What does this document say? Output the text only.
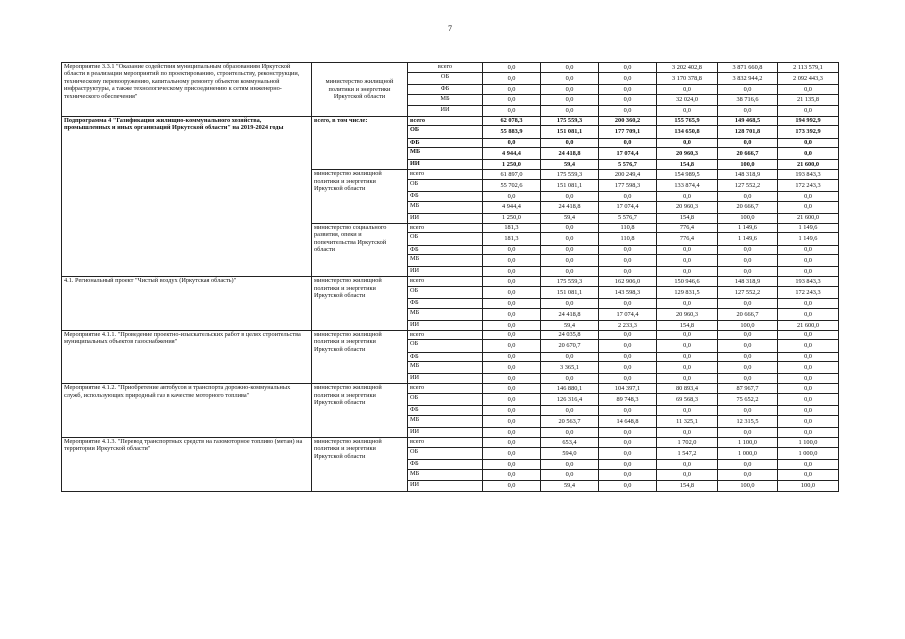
7
Мероприятие 3.3.1 "Оказание содействия муниципальным образованиям Иркутской области в реализации мероприятий по проектированию, строительству, реконструкции, техническому перевооружению, капитальному ремонту объектов коммунальной инфраструктуры, а также технологическому присоединению к сетям инженерно-технического обеспечения"	министерство жилищной политики и энергетики Иркутской области	всего	0,0	0,0	0,0	3 202 402,8	3 871 660,8	2 113 579,1
		ОБ	0,0	0,0	0,0	3 170 378,8	3 832 944,2	2 092 443,3
		ФБ	0,0	0,0	0,0	0,0	0,0	0,0
		МБ	0,0	0,0	0,0	32 024,0	38 716,6	21 135,8
		ИИ	0,0	0,0	0,0	0,0	0,0	0,0
Подпрограмма 4 "Газификация жилищно-коммунального хозяйства, промышленных и иных организаций Иркутской области" на 2019-2024 годы	всего, в том числе:	всего	62 078,3	175 559,3	200 360,2	155 765,9	149 468,5	194 992,9
		ОБ	55 883,9	151 081,1	177 709,1	134 650,8	128 701,8	173 392,9
		ФБ	0,0	0,0	0,0	0,0	0,0	0,0
		МБ	4 944,4	24 418,8	17 074,4	20 960,3	20 666,7	0,0
		ИИ	1 250,0	59,4	5 576,7	154,8	100,0	21 600,0
	министерство жилищной политики и энергетики Иркутской области	всего	61 897,0	175 559,3	200 249,4	154 989,5	148 318,9	193 843,3
		ОБ	55 702,6	151 081,1	177 598,3	133 874,4	127 552,2	172 243,3
		ФБ	0,0	0,0	0,0	0,0	0,0	0,0
		МБ	4 944,4	24 418,8	17 074,4	20 960,3	20 666,7	0,0
		ИИ	1 250,0	59,4	5 576,7	154,8	100,0	21 600,0
	министерство социального развития, опеки и попечительства Иркутской области	всего	181,3	0,0	110,8	776,4	1 149,6	1 149,6
		ОБ	181,3	0,0	110,8	776,4	1 149,6	1 149,6
		ФБ	0,0	0,0	0,0	0,0	0,0	0,0
		МБ	0,0	0,0	0,0	0,0	0,0	0,0
		ИИ	0,0	0,0	0,0	0,0	0,0	0,0
4.1. Региональный проект "Чистый воздух (Иркутская область)"	министерство жилищной политики и энергетики Иркутской области	всего	0,0	175 559,3	162 906,0	150 946,6	148 318,9	193 843,3
		ОБ	0,0	151 081,1	143 598,3	129 831,5	127 552,2	172 243,3
		ФБ	0,0	0,0	0,0	0,0	0,0	0,0
		МБ	0,0	24 418,8	17 074,4	20 960,3	20 666,7	0,0
		ИИ	0,0	59,4	2 233,3	154,8	100,0	21 600,0
Мероприятие 4.1.1. "Проведение проектно-изыскательских работ в целях строительства муниципальных объектов газоснабжения"	министерство жилищной политики и энергетики Иркутской области	всего	0,0	24 035,8	0,0	0,0	0,0	0,0
		ОБ	0,0	20 670,7	0,0	0,0	0,0	0,0
		ФБ	0,0	0,0	0,0	0,0	0,0	0,0
		МБ	0,0	3 365,1	0,0	0,0	0,0	0,0
		ИИ	0,0	0,0	0,0	0,0	0,0	0,0
Мероприятие 4.1.2. "Приобретение автобусов и транспорта дорожно-коммунальных служб, использующих природный газ в качестве моторного топлива"	министерство жилищной политики и энергетики Иркутской области	всего	0,0	146 880,1	104 397,1	80 893,4	87 967,7	0,0
		ОБ	0,0	126 316,4	89 748,3	69 568,3	75 652,2	0,0
		ФБ	0,0	0,0	0,0	0,0	0,0	0,0
		МБ	0,0	20 563,7	14 648,8	11 325,1	12 315,5	0,0
		ИИ	0,0	0,0	0,0	0,0	0,0	0,0
Мероприятие 4.1.3. "Перевод транспортных средств на газомоторное топливо (метан) на территории Иркутской области"	министерство жилищной политики и энергетики Иркутской области	всего	0,0	653,4	0,0	1 702,0	1 100,0	1 100,0
		ОБ	0,0	594,0	0,0	1 547,2	1 000,0	1 000,0
		ФБ	0,0	0,0	0,0	0,0	0,0	0,0
		МБ	0,0	0,0	0,0	0,0	0,0	0,0
		ИИ	0,0	59,4	0,0	154,8	100,0	100,0
